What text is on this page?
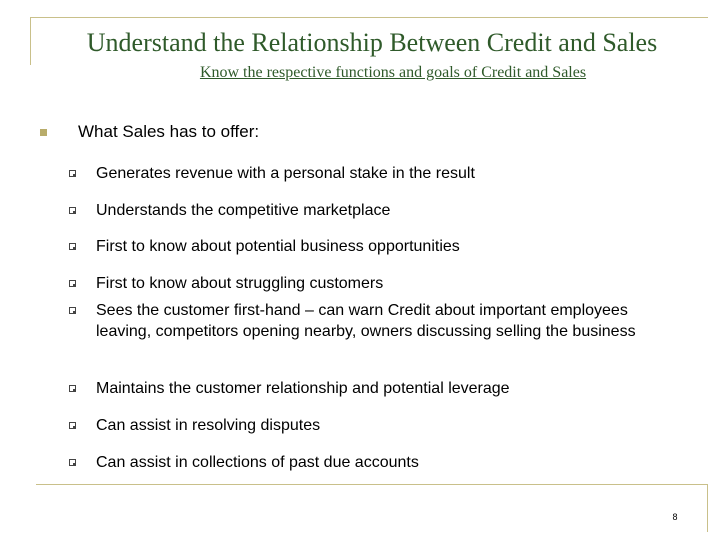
Understand the Relationship Between Credit and Sales
Know the respective functions and goals of Credit and Sales
What Sales has to offer:
Generates revenue with a personal stake in the result
Understands the competitive marketplace
First to know about potential business opportunities
First to know about struggling customers
Sees the customer first-hand – can warn Credit about important employees leaving, competitors opening nearby, owners discussing selling the business
Maintains the customer relationship and potential leverage
Can assist in resolving disputes
Can assist in collections of past due accounts
8
